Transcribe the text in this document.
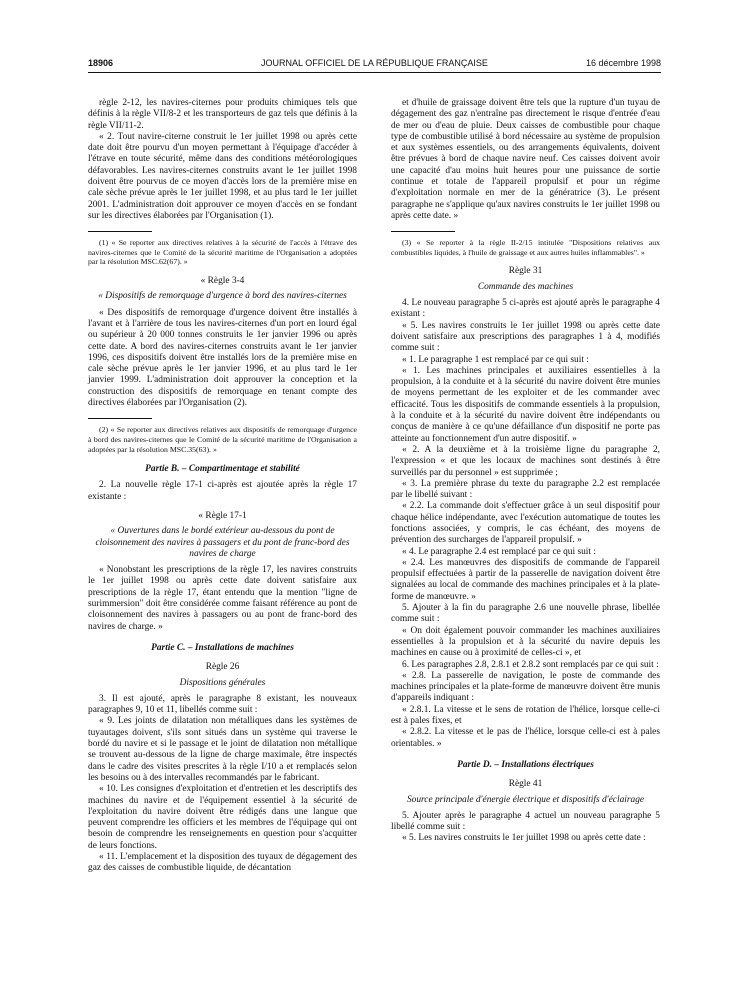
18906	JOURNAL OFFICIEL DE LA RÉPUBLIQUE FRANÇAISE	16 décembre 1998

règle 2-12, les navires-citernes pour produits chimiques tels que définis à la règle VII/8-2 et les transporteurs de gaz tels que définis à la règle VII/11-2.

« 2. Tout navire-citerne construit le 1er juillet 1998 ou après cette date doit être pourvu d'un moyen permettant à l'équipage d'accéder à l'étrave en toute sécurité, même dans des conditions météorologiques défavorables. Les navires-citernes construits avant le 1er juillet 1998 doivent être pourvus de ce moyen d'accès lors de la première mise en cale sèche prévue après le 1er juillet 1998, et au plus tard le 1er juillet 2001. L'administration doit approuver ce moyen d'accès en se fondant sur les directives élaborées par l'Organisation (1).

(1) « Se reporter aux directives relatives à la sécurité de l'accès à l'étrave des navires-citernes que le Comité de la sécurité maritime de l'Organisation a adoptées par la résolution MSC.62(67). »

« Règle 3-4

« Dispositifs de remorquage d'urgence à bord des navires-citernes

« Des dispositifs de remorquage d'urgence doivent être installés à l'avant et à l'arrière de tous les navires-citernes d'un port en lourd égal ou supérieur à 20 000 tonnes construits le 1er janvier 1996 ou après cette date. A bord des navires-citernes construits avant le 1er janvier 1996, ces dispositifs doivent être installés lors de la première mise en cale sèche prévue après le 1er janvier 1996, et au plus tard le 1er janvier 1999. L'administration doit approuver la conception et la construction des dispositifs de remorquage en tenant compte des directives élaborées par l'Organisation (2).

(2) « Se reporter aux directives relatives aux dispositifs de remorquage d'urgence à bord des navires-citernes que le Comité de la sécurité maritime de l'Organisation a adoptées par la résolution MSC.35(63). »

Partie B. – Compartimentage et stabilité

2. La nouvelle règle 17-1 ci-après est ajoutée après la règle 17 existante :

« Règle 17-1

« Ouvertures dans le bordé extérieur au-dessous du pont de cloisonnement des navires à passagers et du pont de franc-bord des navires de charge

« Nonobstant les prescriptions de la règle 17, les navires construits le 1er juillet 1998 ou après cette date doivent satisfaire aux prescriptions de la règle 17, étant entendu que la mention "ligne de surimmersion" doit être considérée comme faisant référence au pont de cloisonnement des navires à passagers ou au pont de franc-bord des navires de charge. »

Partie C. – Installations de machines

Règle 26

Dispositions générales

3. Il est ajouté, après le paragraphe 8 existant, les nouveaux paragraphes 9, 10 et 11, libellés comme suit :

« 9. Les joints de dilatation non métalliques dans les systèmes de tuyautages doivent, s'ils sont situés dans un système qui traverse le bordé du navire et si le passage et le joint de dilatation non métallique se trouvent au-dessous de la ligne de charge maximale, être inspectés dans le cadre des visites prescrites à la règle I/10 a et remplacés selon les besoins ou à des intervalles recommandés par le fabricant.

« 10. Les consignes d'exploitation et d'entretien et les descriptifs des machines du navire et de l'équipement essentiel à la sécurité de l'exploitation du navire doivent être rédigés dans une langue que peuvent comprendre les officiers et les membres de l'équipage qui ont besoin de comprendre les renseignements en question pour s'acquitter de leurs fonctions.

« 11. L'emplacement et la disposition des tuyaux de dégagement des gaz des caisses de combustible liquide, de décantation

et d'huile de graissage doivent être tels que la rupture d'un tuyau de dégagement des gaz n'entraîne pas directement le risque d'entrée d'eau de mer ou d'eau de pluie. Deux caisses de combustible pour chaque type de combustible utilisé à bord nécessaire au système de propulsion et aux systèmes essentiels, ou des arrangements équivalents, doivent être prévues à bord de chaque navire neuf. Ces caisses doivent avoir une capacité d'au moins huit heures pour une puissance de sortie continue et totale de l'appareil propulsif et pour un régime d'exploitation normale en mer de la génératrice (3). Le présent paragraphe ne s'applique qu'aux navires construits le 1er juillet 1998 ou après cette date. »

(3) « Se reporter à la règle II-2/15 intitulée "Dispositions relatives aux combustibles liquides, à l'huile de graissage et aux autres huiles inflammables". »

Règle 31

Commande des machines

4. Le nouveau paragraphe 5 ci-après est ajouté après le paragraphe 4 existant :

« 5. Les navires construits le 1er juillet 1998 ou après cette date doivent satisfaire aux prescriptions des paragraphes 1 à 4, modifiés comme suit :

« 1. Le paragraphe 1 est remplacé par ce qui suit :

« 1. Les machines principales et auxiliaires essentielles à la propulsion, à la conduite et à la sécurité du navire doivent être munies de moyens permettant de les exploiter et de les commander avec efficacité. Tous les dispositifs de commande essentiels à la propulsion, à la conduite et à la sécurité du navire doivent être indépendants ou conçus de manière à ce qu'une défaillance d'un dispositif ne porte pas atteinte au fonctionnement d'un autre dispositif. »

« 2. A la deuxième et à la troisième ligne du paragraphe 2, l'expression « et que les locaux de machines sont destinés à être surveillés par du personnel » est supprimée ;

« 3. La première phrase du texte du paragraphe 2.2 est remplacée par le libellé suivant :

« 2.2. La commande doit s'effectuer grâce à un seul dispositif pour chaque hélice indépendante, avec l'exécution automatique de toutes les fonctions associées, y compris, le cas échéant, des moyens de prévention des surcharges de l'appareil propulsif. »

« 4. Le paragraphe 2.4 est remplacé par ce qui suit :

« 2.4. Les manœuvres des dispositifs de commande de l'appareil propulsif effectuées à partir de la passerelle de navigation doivent être signalées au local de commande des machines principales et à la plate-forme de manœuvre. »

5. Ajouter à la fin du paragraphe 2.6 une nouvelle phrase, libellée comme suit :

« On doit également pouvoir commander les machines auxiliaires essentielles à la propulsion et à la sécurité du navire depuis les machines en cause ou à proximité de celles-ci », et

6. Les paragraphes 2.8, 2.8.1 et 2.8.2 sont remplacés par ce qui suit :

« 2.8. La passerelle de navigation, le poste de commande des machines principales et la plate-forme de manœuvre doivent être munis d'appareils indiquant :

« 2.8.1. La vitesse et le sens de rotation de l'hélice, lorsque celle-ci est à pales fixes, et

« 2.8.2. La vitesse et le pas de l'hélice, lorsque celle-ci est à pales orientables. »

Partie D. – Installations électriques

Règle 41

Source principale d'énergie électrique et dispositifs d'éclairage

5. Ajouter après le paragraphe 4 actuel un nouveau paragraphe 5 libellé comme suit :

« 5. Les navires construits le 1er juillet 1998 ou après cette date :
